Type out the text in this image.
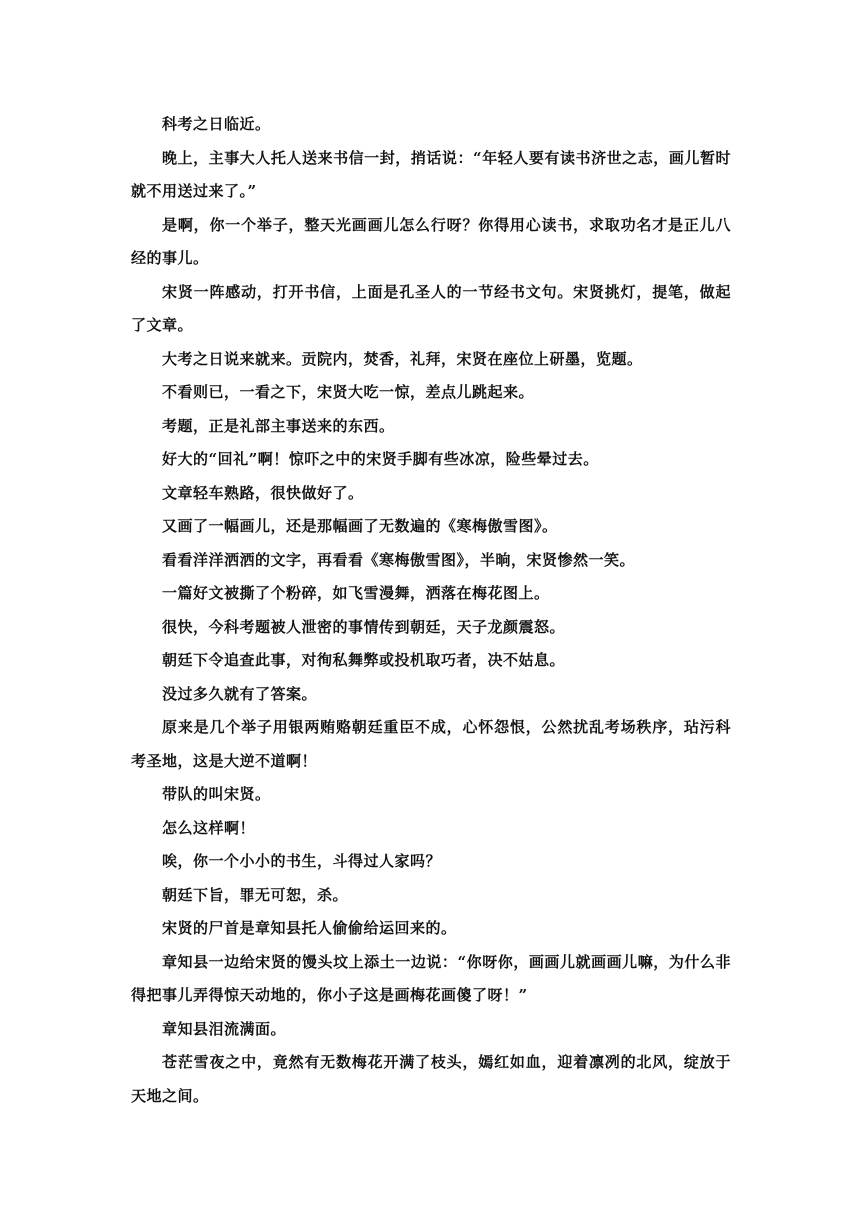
科考之日临近。

晚上，主事大人托人送来书信一封，捎话说：“年轻人要有读书济世之志，画儿暂时就不用送过来了。”

是啊，你一个举子，整天光画画儿怎么行呀？你得用心读书，求取功名才是正儿八经的事儿。

宋贤一阵感动，打开书信，上面是孔圣人的一节经书文句。宋贤挑灯，提笔，做起了文章。

大考之日说来就来。贡院内，焚香，礼拜，宋贤在座位上研墨，览题。

不看则已，一看之下，宋贤大吃一惊，差点儿跳起来。

考题，正是礼部主事送来的东西。

好大的“回礼”啊！惊吓之中的宋贤手脚有些冰凉，险些晕过去。

文章轻车熟路，很快做好了。

又画了一幅画儿，还是那幅画了无数遍的《寒梅傲雪图》。

看看洋洋洒洒的文字，再看看《寒梅傲雪图》，半晌，宋贤惨然一笑。

一篇好文被撕了个粉碎，如飞雪漫舞，洒落在梅花图上。

很快，今科考题被人泄密的事情传到朝廷，天子龙颜震怒。

朝廷下令追查此事，对徇私舞弊或投机取巧者，决不姑息。

没过多久就有了答案。

原来是几个举子用银两贿赂朝廷重臣不成，心怀怨恨，公然扰乱考场秩序，玷污科考圣地，这是大逆不道啊！

带队的叫宋贤。

怎么这样啊！

唉，你一个小小的书生，斗得过人家吗？

朝廷下旨，罪无可恕，杀。

宋贤的尸首是章知县托人偷偷给运回来的。

章知县一边给宋贤的馒头坟上添土一边说：“你呀你，画画儿就画画儿嘛，为什么非得把事儿弄得惊天动地的，你小子这是画梅花画傻了呀！”

章知县泪流满面。

苍茫雪夜之中，竟然有无数梅花开满了枝头，嫣红如血，迎着凛冽的北风，绽放于天地之间。
